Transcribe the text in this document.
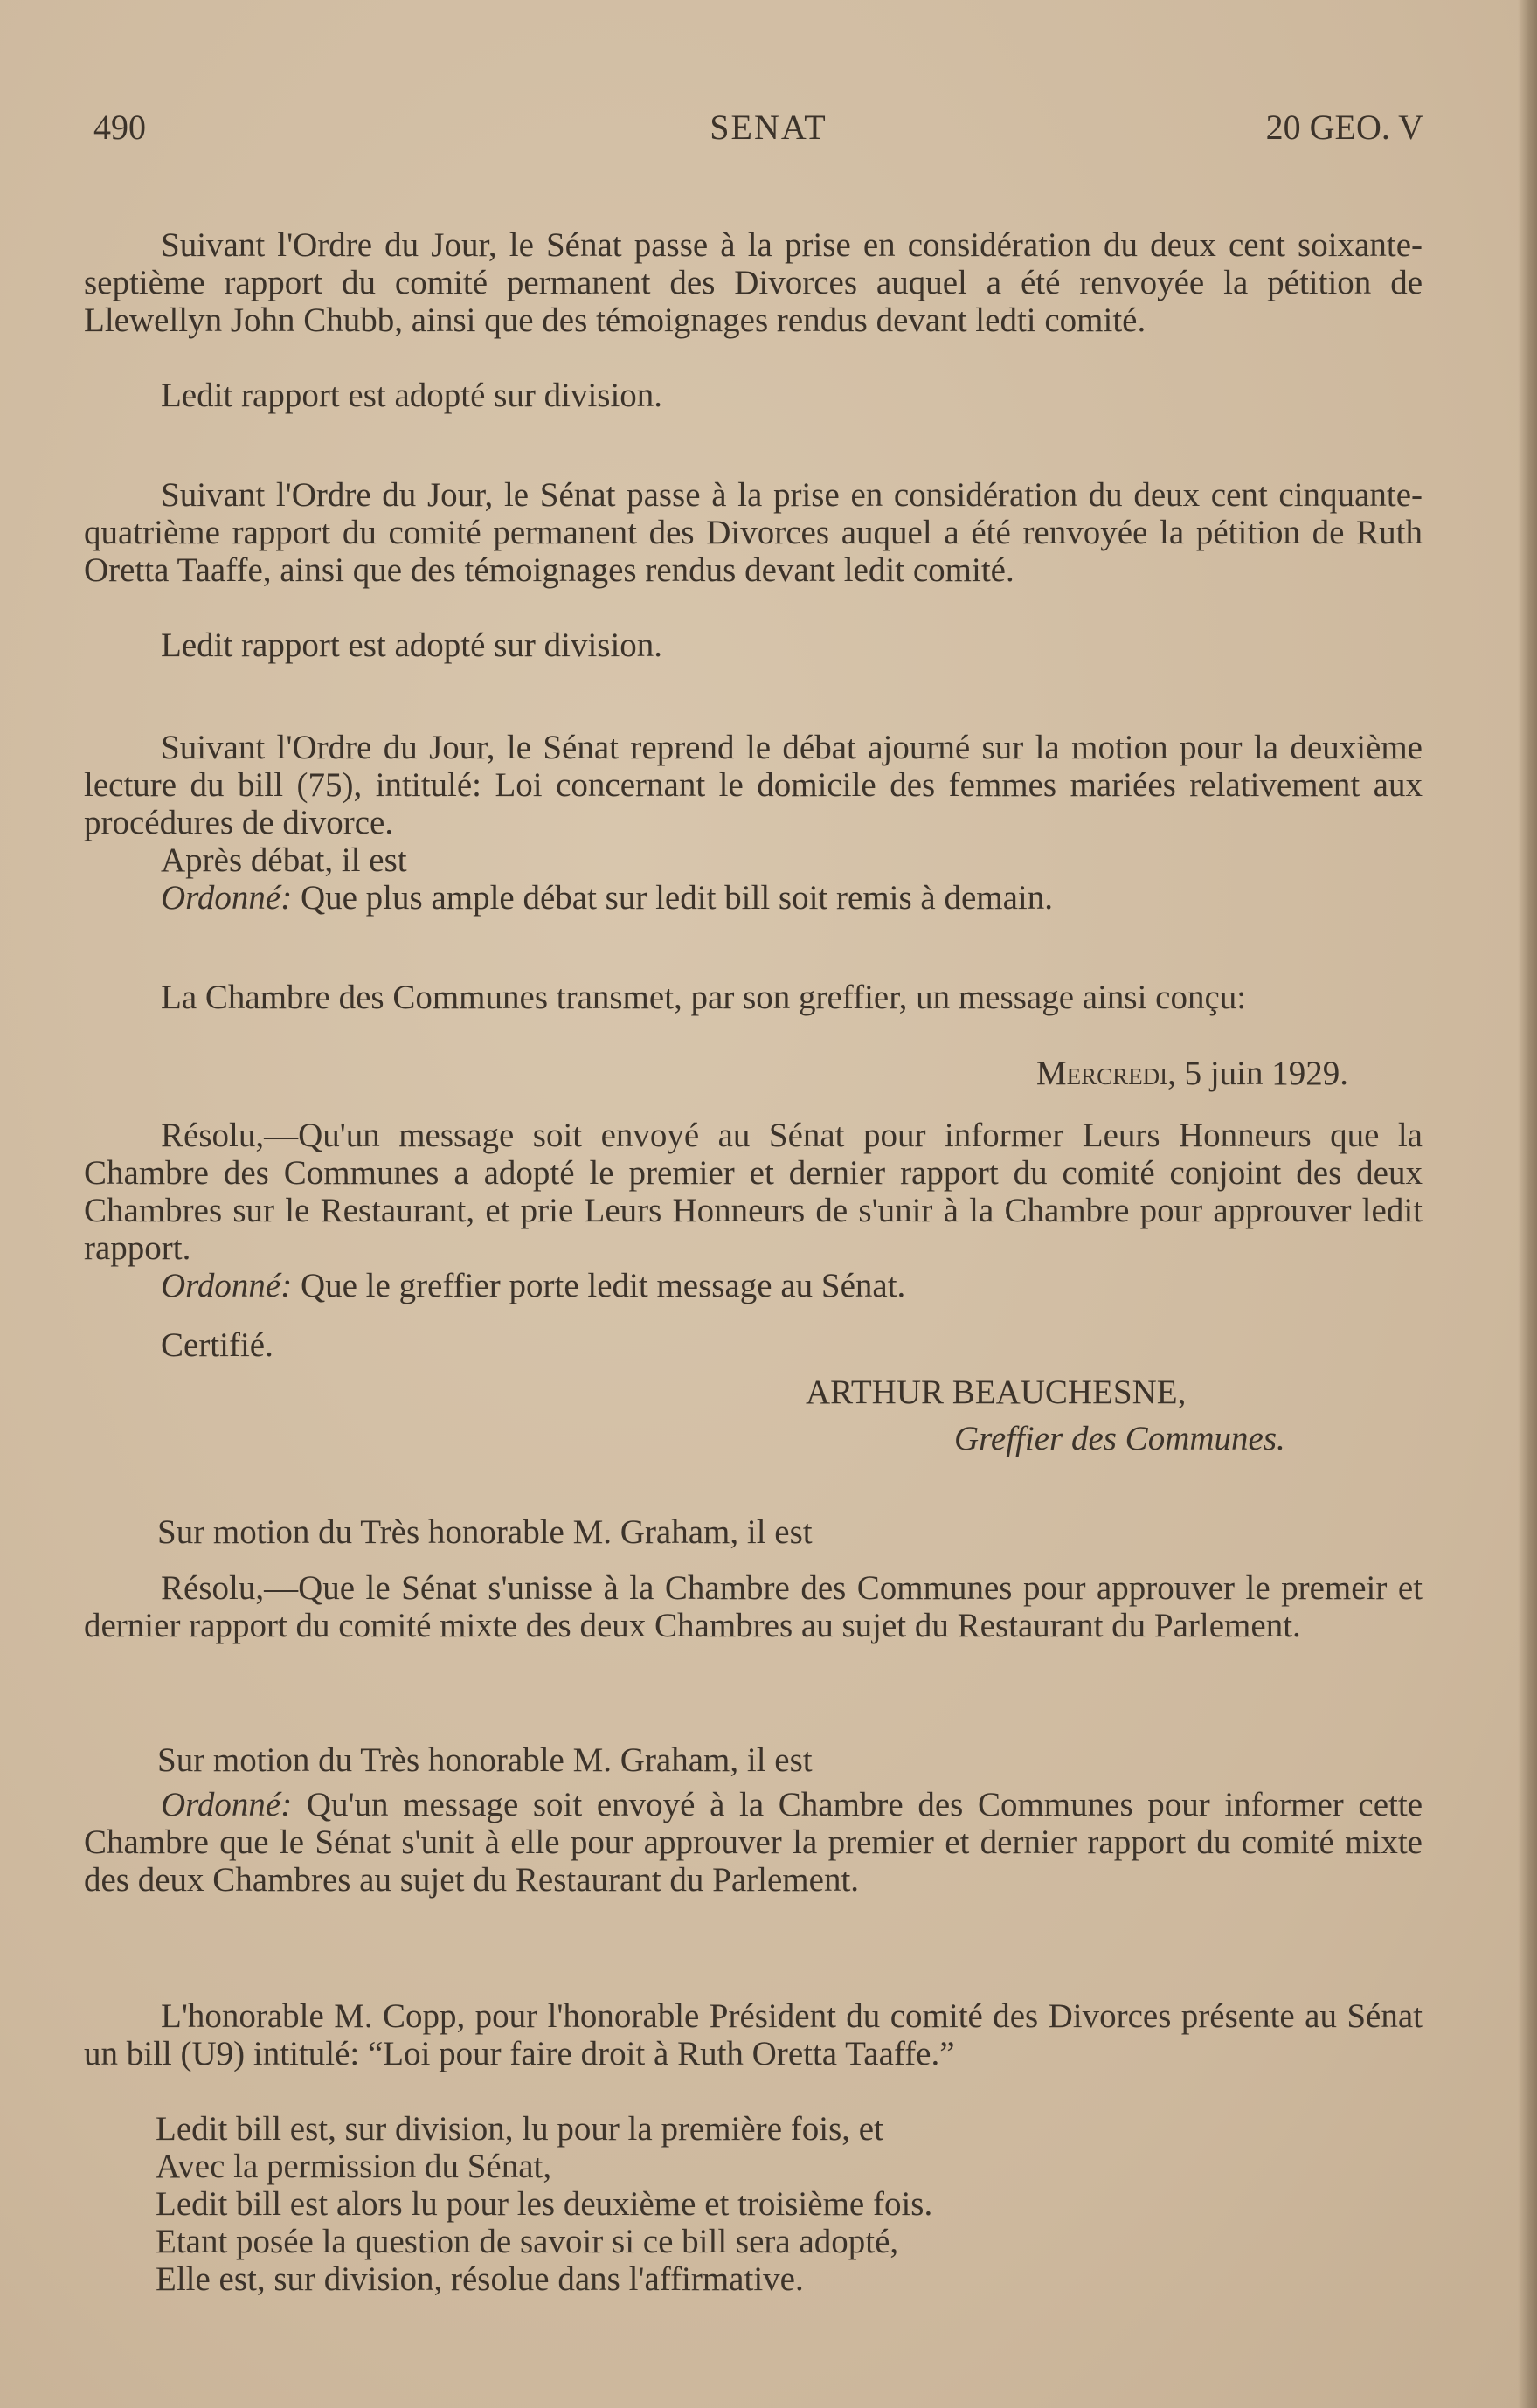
490	SENAT	20 GEO. V

Suivant l'Ordre du Jour, le Sénat passe à la prise en considération du deux cent soixante-septième rapport du comité permanent des Divorces auquel a été renvoyée la pétition de Llewellyn John Chubb, ainsi que des témoignages rendus devant ledti comité.

Ledit rapport est adopté sur division.

Suivant l'Ordre du Jour, le Sénat passe à la prise en considération du deux cent cinquante-quatrième rapport du comité permanent des Divorces auquel a été renvoyée la pétition de Ruth Oretta Taaffe, ainsi que des témoignages rendus devant ledit comité.

Ledit rapport est adopté sur division.

Suivant l'Ordre du Jour, le Sénat reprend le débat ajourné sur la motion pour la deuxième lecture du bill (75), intitulé: Loi concernant le domicile des femmes mariées relativement aux procédures de divorce.

Après débat, il est
Ordonné: Que plus ample débat sur ledit bill soit remis à demain.

La Chambre des Communes transmet, par son greffier, un message ainsi conçu:

Mercredi, 5 juin 1929.

Résolu,—Qu'un message soit envoyé au Sénat pour informer Leurs Honneurs que la Chambre des Communes a adopté le premier et dernier rapport du comité conjoint des deux Chambres sur le Restaurant, et prie Leurs Honneurs de s'unir à la Chambre pour approuver ledit rapport.

Ordonné: Que le greffier porte ledit message au Sénat.
Certifié.
ARTHUR BEAUCHESNE,
Greffier des Communes.
Sur motion du Très honorable M. Graham, il est

Résolu,—Que le Sénat s'unisse à la Chambre des Communes pour approuver le premeir et dernier rapport du comité mixte des deux Chambres au sujet du Restaurant du Parlement.

Sur motion du Très honorable M. Graham, il est

Ordonné: Qu'un message soit envoyé à la Chambre des Communes pour informer cette Chambre que le Sénat s'unit à elle pour approuver la premier et dernier rapport du comité mixte des deux Chambres au sujet du Restaurant du Parlement.

L'honorable M. Copp, pour l'honorable Président du comité des Divorces présente au Sénat un bill (U9) intitulé: “Loi pour faire droit à Ruth Oretta Taaffe.”

Ledit bill est, sur division, lu pour la première fois, et
Avec la permission du Sénat,
Ledit bill est alors lu pour les deuxième et troisième fois.
Etant posée la question de savoir si ce bill sera adopté,
Elle est, sur division, résolue dans l'affirmative.
